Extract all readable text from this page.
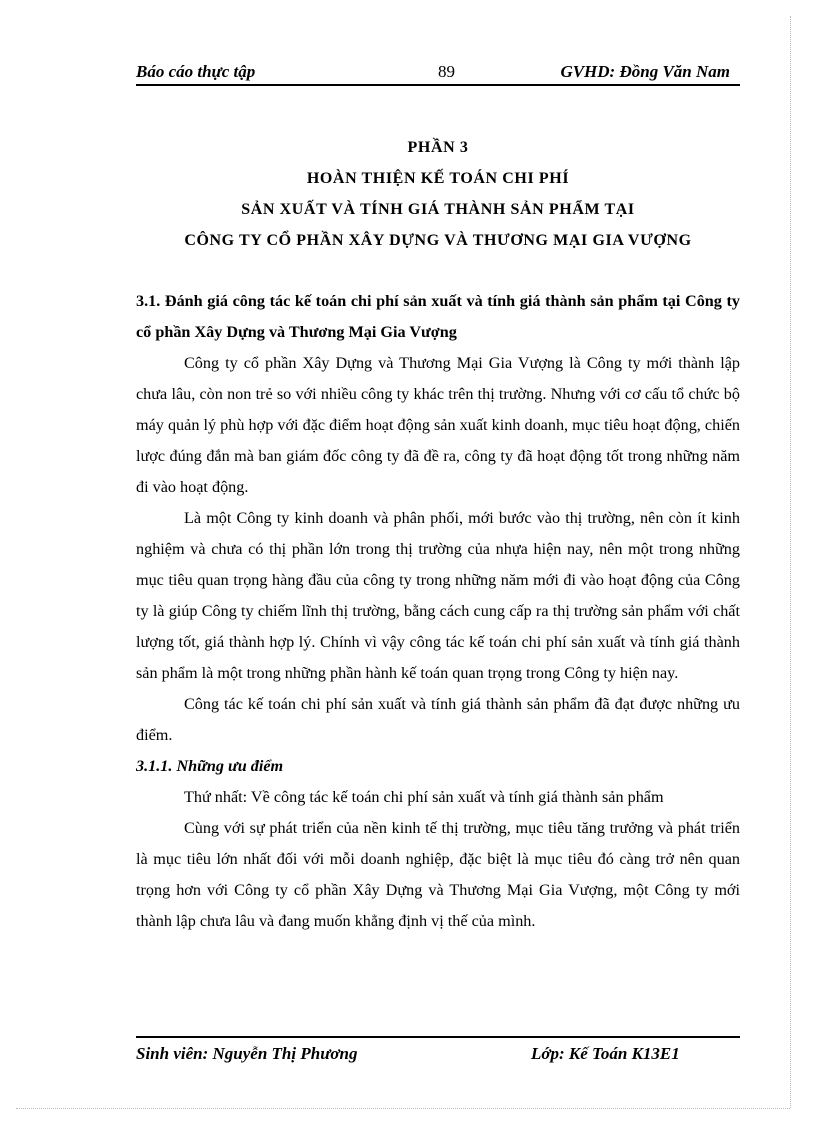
Báo cáo thực tập	89	GVHD: Đồng Văn Nam
PHẦN 3
HOÀN THIỆN KẾ TOÁN CHI PHÍ
SẢN XUẤT VÀ TÍNH GIÁ THÀNH SẢN PHẨM TẠI
CÔNG TY CỔ PHẦN XÂY DỰNG VÀ THƯƠNG MẠI GIA VƯỢNG
3.1. Đánh giá công tác kế toán chi phí sản xuất và tính giá thành sản phẩm tại Công ty cổ phần Xây Dựng và Thương Mại Gia Vượng
Công ty cổ phần Xây Dựng và Thương Mại Gia Vượng là Công ty mới thành lập chưa lâu, còn non trẻ so với nhiều công ty khác trên thị trường. Nhưng với cơ cấu tổ chức bộ máy quản lý phù hợp với đặc điểm hoạt động sản xuất kinh doanh, mục tiêu hoạt động, chiến lược đúng đắn mà ban giám đốc công ty đã đề ra, công ty đã hoạt động tốt trong những năm đi vào hoạt động.
Là một Công ty kinh doanh và phân phối, mới bước vào thị trường, nên còn ít kinh nghiệm và chưa có thị phần lớn trong thị trường của nhựa hiện nay, nên một trong những mục tiêu quan trọng hàng đầu của công ty trong những năm mới đi vào hoạt động của Công ty là giúp Công ty chiếm lĩnh thị trường, bằng cách cung cấp ra thị trường sản phẩm với chất lượng tốt, giá thành hợp lý. Chính vì vậy công tác kế toán chi phí sản xuất và tính giá thành sản phẩm là một trong những phần hành kế toán quan trọng trong Công ty hiện nay.
Công tác kế toán chi phí sản xuất và tính giá thành sản phẩm đã đạt được những ưu điểm.
3.1.1. Những ưu điểm
Thứ nhất: Về công tác kế toán chi phí sản xuất và tính giá thành sản phẩm
Cùng với sự phát triển của nền kinh tế thị trường, mục tiêu tăng trưởng và phát triển là mục tiêu lớn nhất đối với mỗi doanh nghiệp, đặc biệt là mục tiêu đó càng trở nên quan trọng hơn với Công ty cổ phần Xây Dựng và Thương Mại Gia Vượng, một Công ty mới thành lập chưa lâu và đang muốn khẳng định vị thế của mình.
Sinh viên: Nguyễn Thị Phương	Lớp: Kế Toán K13E1
